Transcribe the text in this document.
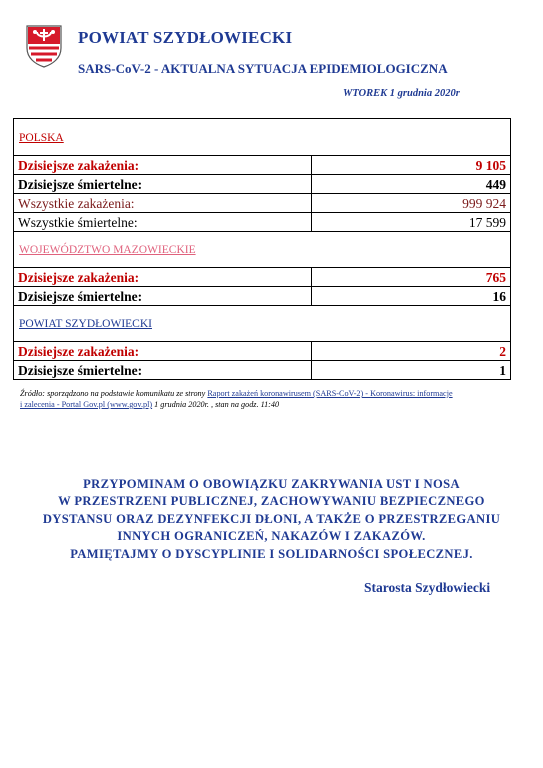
POWIAT SZYDŁOWIECKI
SARS-CoV-2 - AKTUALNA SYTUACJA EPIDEMIOLOGICZNA
WTOREK 1 grudnia 2020r
POLSKA	
Dzisiejsze zakażenia:	9 105
Dzisiejsze śmiertelne:	449
Wszystkie zakażenia:	999 924
Wszystkie śmiertelne:	17 599
WOJEWÓDZTWO MAZOWIECKIE	
Dzisiejsze zakażenia:	765
Dzisiejsze śmiertelne:	16
POWIAT SZYDŁOWIECKI	
Dzisiejsze zakażenia:	2
Dzisiejsze śmiertelne:	1
Źródło: sporządzono na podstawie komunikatu ze strony Raport zakażeń koronawirusem (SARS-CoV-2) - Koronawirus: informacje
i zalecenia - Portal Gov.pl (www.gov.pl) 1 grudnia 2020r. , stan na godz. 11:40
PRZYPOMINAM O OBOWIĄZKU ZAKRYWANIA UST I NOSA
W PRZESTRZENI PUBLICZNEJ, ZACHOWYWANIU BEZPIECZNEGO
DYSTANSU ORAZ DEZYNFEKCJI DŁONI, A TAKŻE O PRZESTRZEGANIU
INNYCH OGRANICZEŃ, NAKAZÓW I ZAKAZÓW.
PAMIĘTAJMY O DYSCYPLINIE I SOLIDARNOŚCI SPOŁECZNEJ.
Starosta Szydłowiecki
